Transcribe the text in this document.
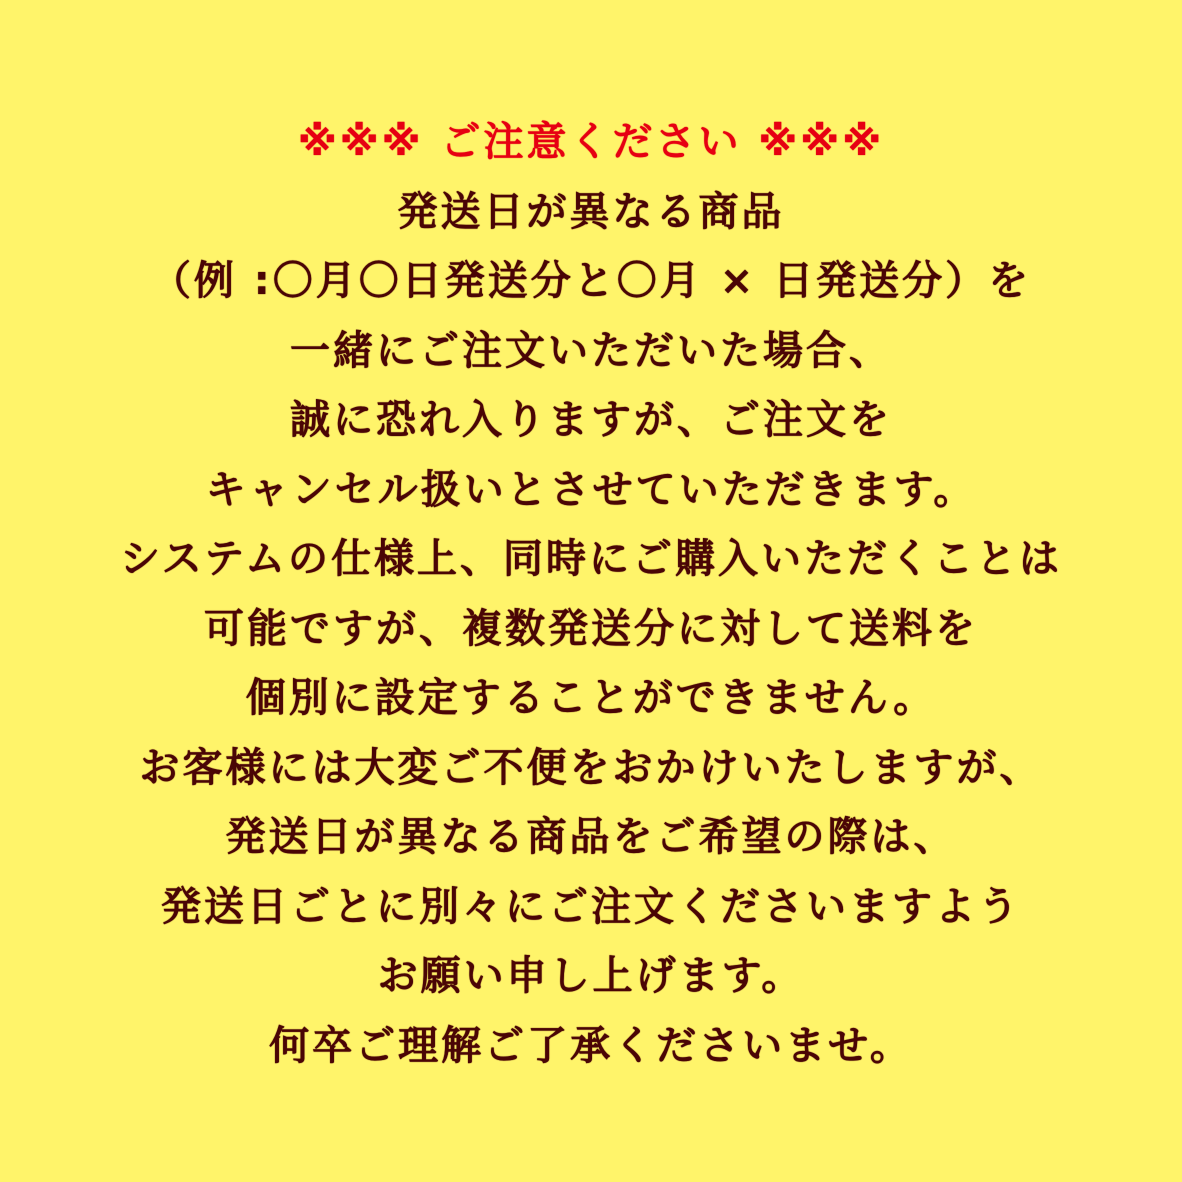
※※※ ご注意ください ※※※
発送日が異なる商品
（例 :〇月〇日発送分と〇月 × 日発送分）を
一緒にご注文いただいた場合、
誠に恐れ入りますが、ご注文を
キャンセル扱いとさせていただきます。
システムの仕様上、同時にご購入いただくことは
可能ですが、複数発送分に対して送料を
個別に設定することができません。
お客様には大変ご不便をおかけいたしますが、
発送日が異なる商品をご希望の際は、
発送日ごとに別々にご注文くださいますよう
お願い申し上げます。
何卒ご理解ご了承くださいませ。
